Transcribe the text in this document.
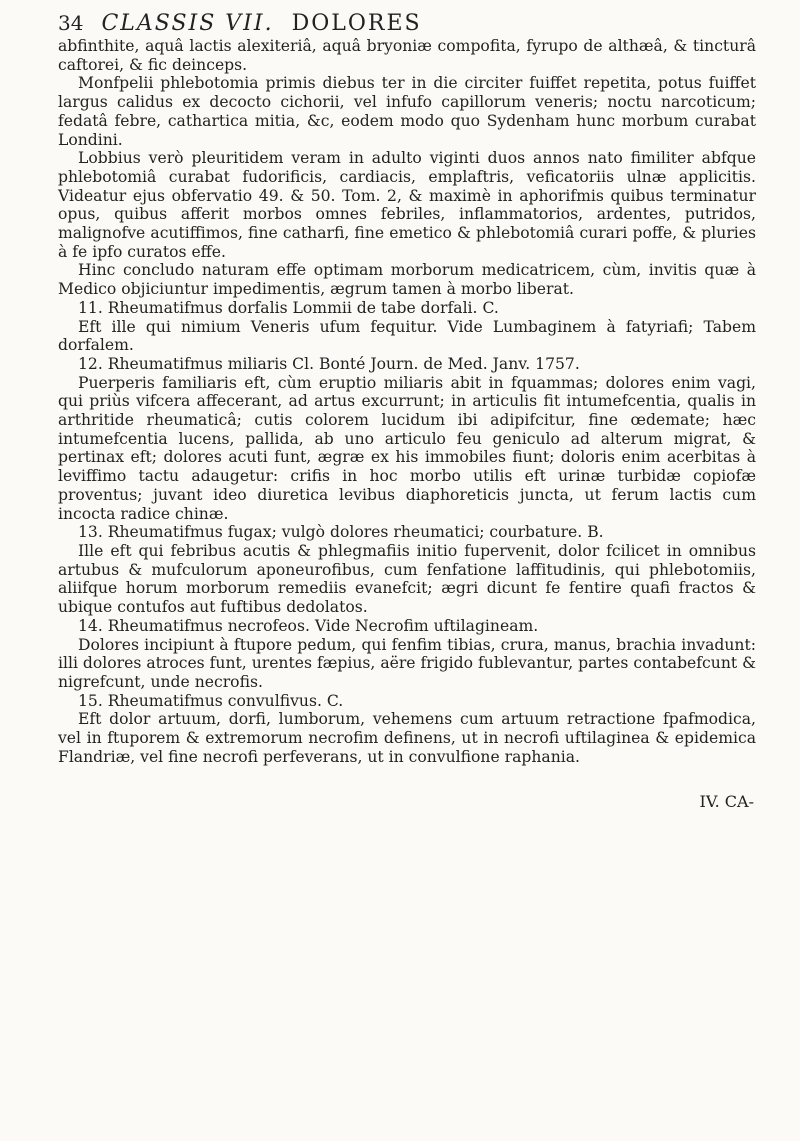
34 CLASSIS VII. DOLORES

abfinthite, aquâ lactis alexiteriâ, aquâ bryoniæ compofita, fyrupo de althæâ, & tincturâ caftorei, & fic deinceps.

Monfpelii phlebotomia primis diebus ter in die circiter fuiffet repetita, potus fuiffet largus calidus ex decocto cichorii, vel infufo capillorum veneris; noctu narcoticum; fedatâ febre, cathartica mitia, &c, eodem modo quo Sydenham hunc morbum curabat Londini.

Lobbius verò pleuritidem veram in adulto viginti duos annos nato fimiliter abfque phlebotomiâ curabat fudorificis, cardiacis, emplaftris, veficatoriis ulnæ applicitis. Videatur ejus obfervatio 49. & 50. Tom. 2, & maximè in aphorifmis quibus terminatur opus, quibus afferit morbos omnes febriles, inflammatorios, ardentes, putridos, malignofve acutiffimos, fine catharfi, fine emetico & phlebotomiâ curari poffe, & pluries à fe ipfo curatos effe.

Hinc concludo naturam effe optimam morborum medicatricem, cùm, invitis quæ à Medico objiciuntur impedimentis, ægrum tamen à morbo liberat.

11. Rheumatifmus dorfalis Lommii de tabe dorfali. C.

Eft ille qui nimium Veneris ufum fequitur. Vide Lumbaginem à fatyriafi; Tabem dorfalem.

12. Rheumatifmus miliaris Cl. Bonté Journ. de Med. Janv. 1757.

Puerperis familiaris eft, cùm eruptio miliaris abit in fquammas; dolores enim vagi, qui priùs vifcera affecerant, ad artus excurrunt; in articulis fit intumefcentia, qualis in arthritide rheumaticâ; cutis colorem lucidum ibi adipifcitur, fine œdemate; hæc intumefcentia lucens, pallida, ab uno articulo feu geniculo ad alterum migrat, & pertinax eft; dolores acuti funt, ægræ ex his immobiles fiunt; doloris enim acerbitas à leviffimo tactu adaugetur: crifis in hoc morbo utilis eft urinæ turbidæ copiofæ proventus; juvant ideo diuretica levibus diaphoreticis juncta, ut ferum lactis cum incocta radice chinæ.

13. Rheumatifmus fugax; vulgò dolores rheumatici; courbature. B.

Ille eft qui febribus acutis & phlegmafiis initio fupervenit, dolor fcilicet in omnibus artubus & mufculorum aponeurofibus, cum fenfatione laffitudinis, qui phlebotomiis, aliifque horum morborum remediis evanefcit; ægri dicunt fe fentire quafi fractos & ubique contufos aut fuftibus dedolatos.

14. Rheumatifmus necrofeos. Vide Necrofim uftilagineam.

Dolores incipiunt à ftupore pedum, qui fenfim tibias, crura, manus, brachia invadunt: illi dolores atroces funt, urentes fæpius, aëre frigido fublevantur, partes contabefcunt & nigrefcunt, unde necrofis.

15. Rheumatifmus convulfivus. C.

Eft dolor artuum, dorfi, lumborum, vehemens cum artuum retractione fpafmodica, vel in ftuporem & extremorum necrofim definens, ut in necrofi uftilaginea & epidemica Flandriæ, vel fine necrofi perfeverans, ut in convulfione raphania.

IV. CA-
